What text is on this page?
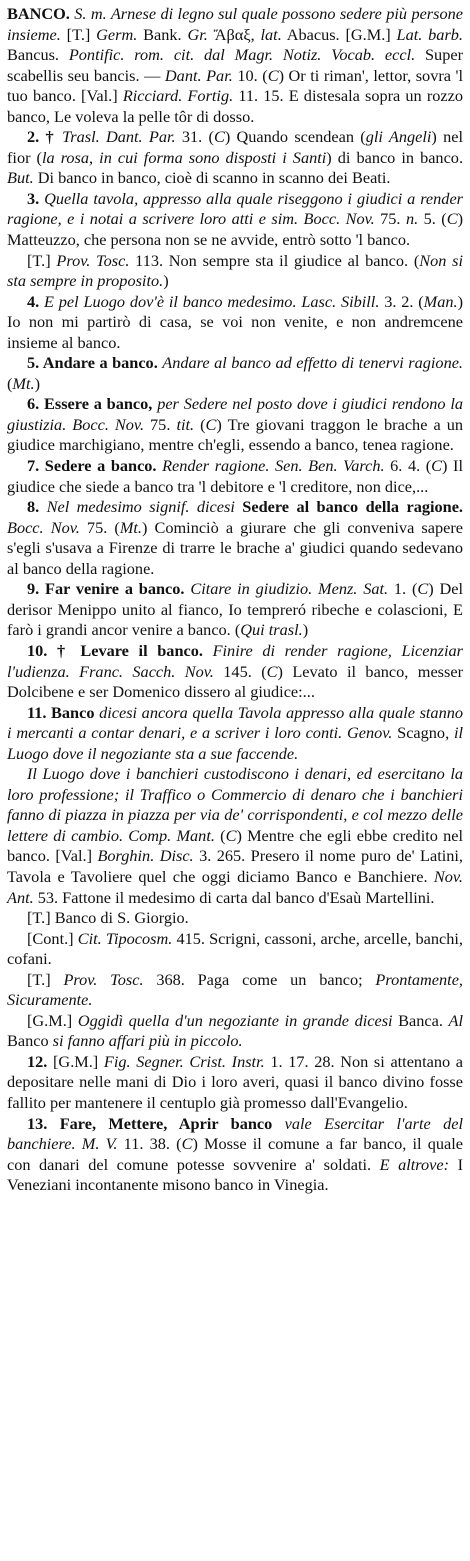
BANCO. S. m. Arnese di legno sul quale possono sedere più persone insieme. [T.] Germ. Bank. Gr. Ἄβαξ, lat. Abacus. [G.M.] Lat. barb. Bancus. Pontific. rom. cit. dal Magr. Notiz. Vocab. eccl. Super scabellis seu bancis. — Dant. Par. 10. (C) Or ti riman', lettor, sovra 'l tuo banco. [Val.] Ricciard. Fortig. 11. 15. E distesala sopra un rozzo banco, Le voleva la pelle tôr di dosso.

2. † Trasl. Dant. Par. 31. (C) Quando scendean (gli Angeli) nel fior (la rosa, in cui forma sono disposti i Santi) di banco in banco. But. Di banco in banco, cioè di scanno in scanno dei Beati.

3. Quella tavola, appresso alla quale riseggono i giudici a render ragione, e i notai a scrivere loro atti e sim. Bocc. Nov. 75. n. 5. (C) Matteuzzo, che persona non se ne avvide, entrò sotto 'l banco.

[T.] Prov. Tosc. 113. Non sempre sta il giudice al banco. (Non si sta sempre in proposito.)

4. E pel Luogo dov'è il banco medesimo. Lasc. Sibill. 3. 2. (Man.) Io non mi partirò di casa, se voi non venite, e non andremcene insieme al banco.

5. Andare a banco. Andare al banco ad effetto di tenervi ragione. (Mt.)

6. Essere a banco, per Sedere nel posto dove i giudici rendono la giustizia. Bocc. Nov. 75. tit. (C) Tre giovani traggon le brache a un giudice marchigiano, mentre ch'egli, essendo a banco, tenea ragione.

7. Sedere a banco. Render ragione. Sen. Ben. Varch. 6. 4. (C) Il giudice che siede a banco tra 'l debitore e 'l creditore, non dice,...

8. Nel medesimo signif. dicesi Sedere al banco della ragione. Bocc. Nov. 75. (Mt.) Cominciò a giurare che gli conveniva sapere s'egli s'usava a Firenze di trarre le brache a' giudici quando sedevano al banco della ragione.

9. Far venire a banco. Citare in giudizio. Menz. Sat. 1. (C) Del derisor Menippo unito al fianco, Io tempreró ribeche e colascioni, E farò i grandi ancor venire a banco. (Qui trasl.)

10. † Levare il banco. Finire di render ragione, Licenziar l'udienza. Franc. Sacch. Nov. 145. (C) Levato il banco, messer Dolcibene e ser Domenico dissero al giudice:...

11. Banco dicesi ancora quella Tavola appresso alla quale stanno i mercanti a contar denari, e a scriver i loro conti. Genov. Scagno, il Luogo dove il negoziante sta a sue faccende.

Il Luogo dove i banchieri custodiscono i denari, ed esercitano la loro professione; il Traffico o Commercio di denaro che i banchieri fanno di piazza in piazza per via de' corrispondenti, e col mezzo delle lettere di cambio. Comp. Mant. (C) Mentre che egli ebbe credito nel banco. [Val.] Borghin. Disc. 3. 265. Presero il nome puro de' Latini, Tavola e Tavoliere quel che oggi diciamo Banco e Banchiere. Nov. Ant. 53. Fattone il medesimo di carta dal banco d'Esaù Martellini.

[T.] Banco di S. Giorgio.

[Cont.] Cit. Tipocosm. 415. Scrigni, cassoni, arche, arcelle, banchi, cofani.

[T.] Prov. Tosc. 368. Paga come un banco; Prontamente, Sicuramente.

[G.M.] Oggidì quella d'un negoziante in grande dicesi Banca. Al Banco si fanno affari più in piccolo.

12. [G.M.] Fig. Segner. Crist. Instr. 1. 17. 28. Non si attentano a depositare nelle mani di Dio i loro averi, quasi il banco divino fosse fallito per mantenere il centuplo già promesso dall'Evangelio.

13. Fare, Mettere, Aprir banco vale Esercitar l'arte del banchiere. M. V. 11. 38. (C) Mosse il comune a far banco, il quale con danari del comune potesse sovvenire a' soldati. E altrove: I Veneziani incontanente misono banco in Vinegia.
